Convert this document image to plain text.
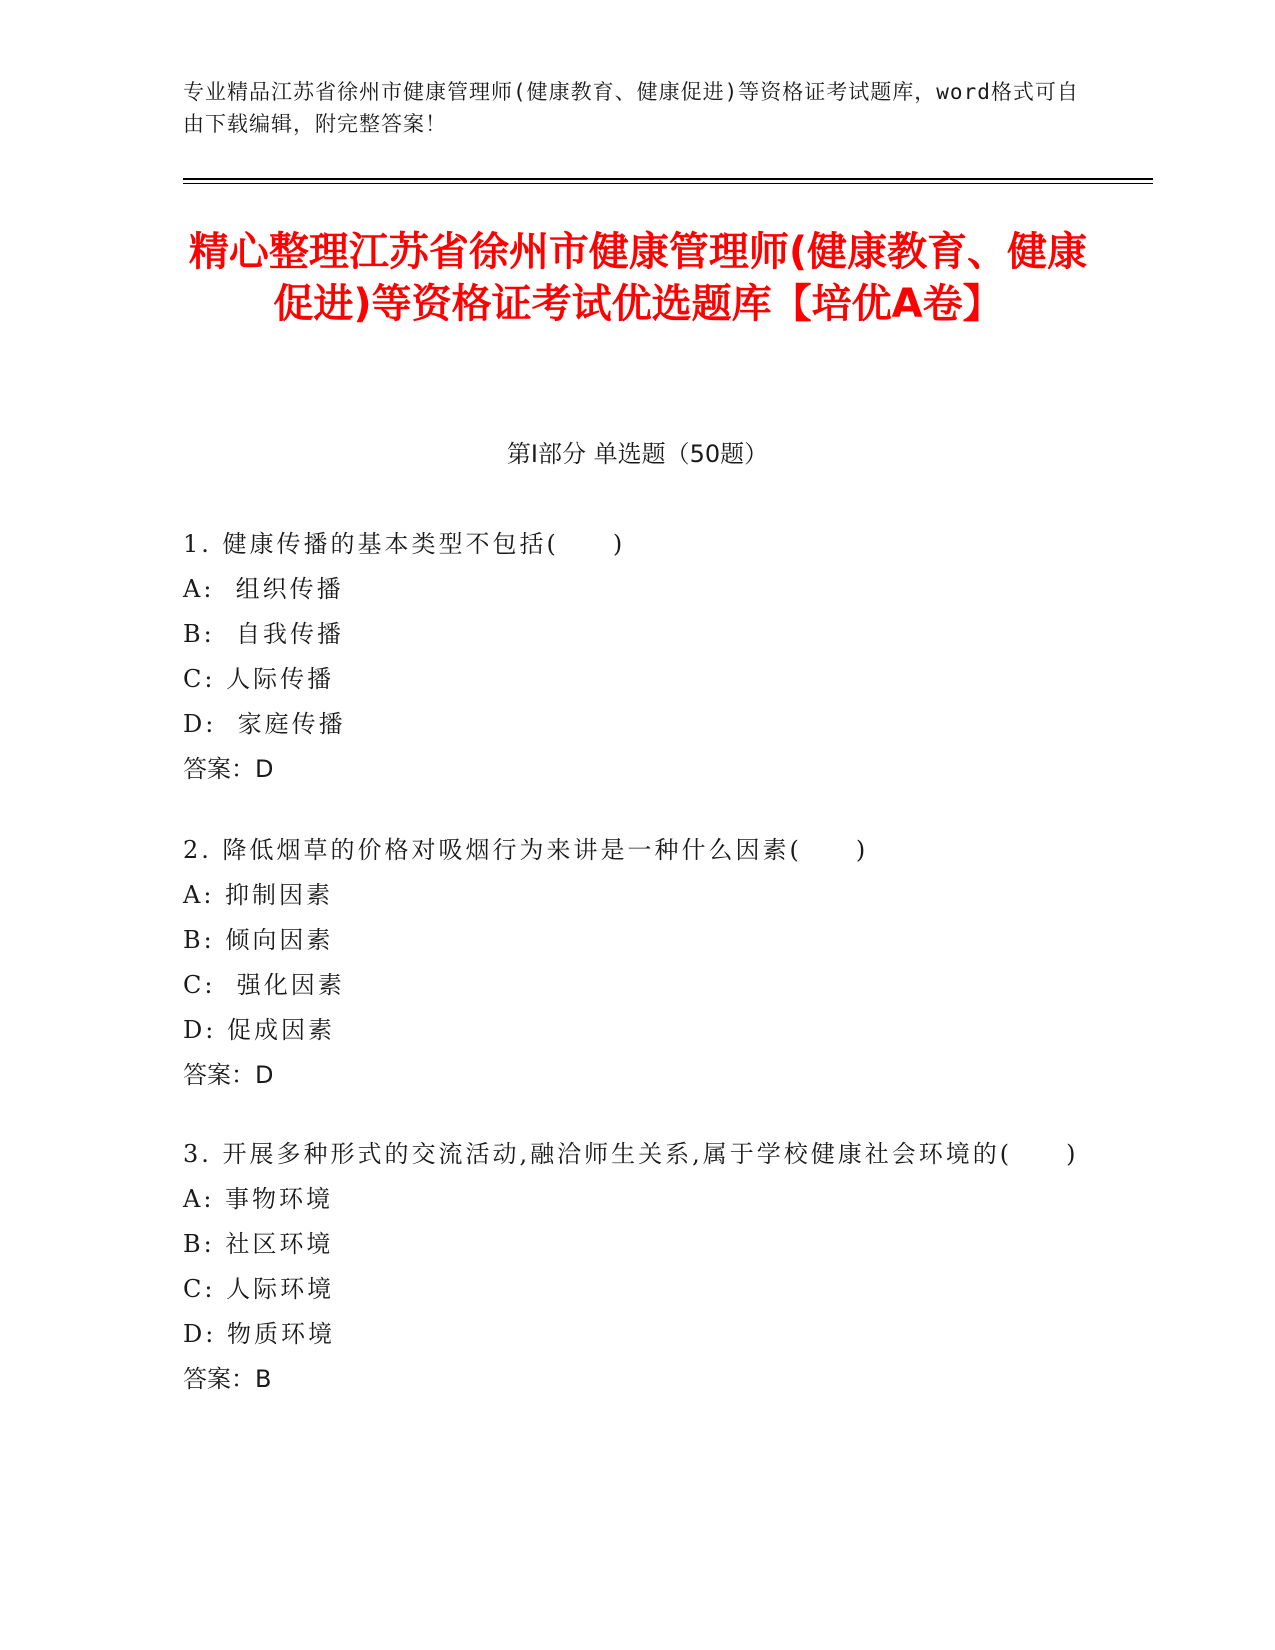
专业精品江苏省徐州市健康管理师(健康教育、健康促进)等资格证考试题库，word格式可自由下载编辑，附完整答案！
精心整理江苏省徐州市健康管理师(健康教育、健康促进)等资格证考试优选题库【培优A卷】
第Ⅰ部分 单选题（50题）
1. 健康传播的基本类型不包括(　　)
A:  组织传播
B:  自我传播
C: 人际传播
D:  家庭传播
答案：D
2. 降低烟草的价格对吸烟行为来讲是一种什么因素(　　)
A: 抑制因素
B: 倾向因素
C:  强化因素
D: 促成因素
答案：D
3. 开展多种形式的交流活动,融洽师生关系,属于学校健康社会环境的(　　)
A: 事物环境
B: 社区环境
C: 人际环境
D: 物质环境
答案：B
